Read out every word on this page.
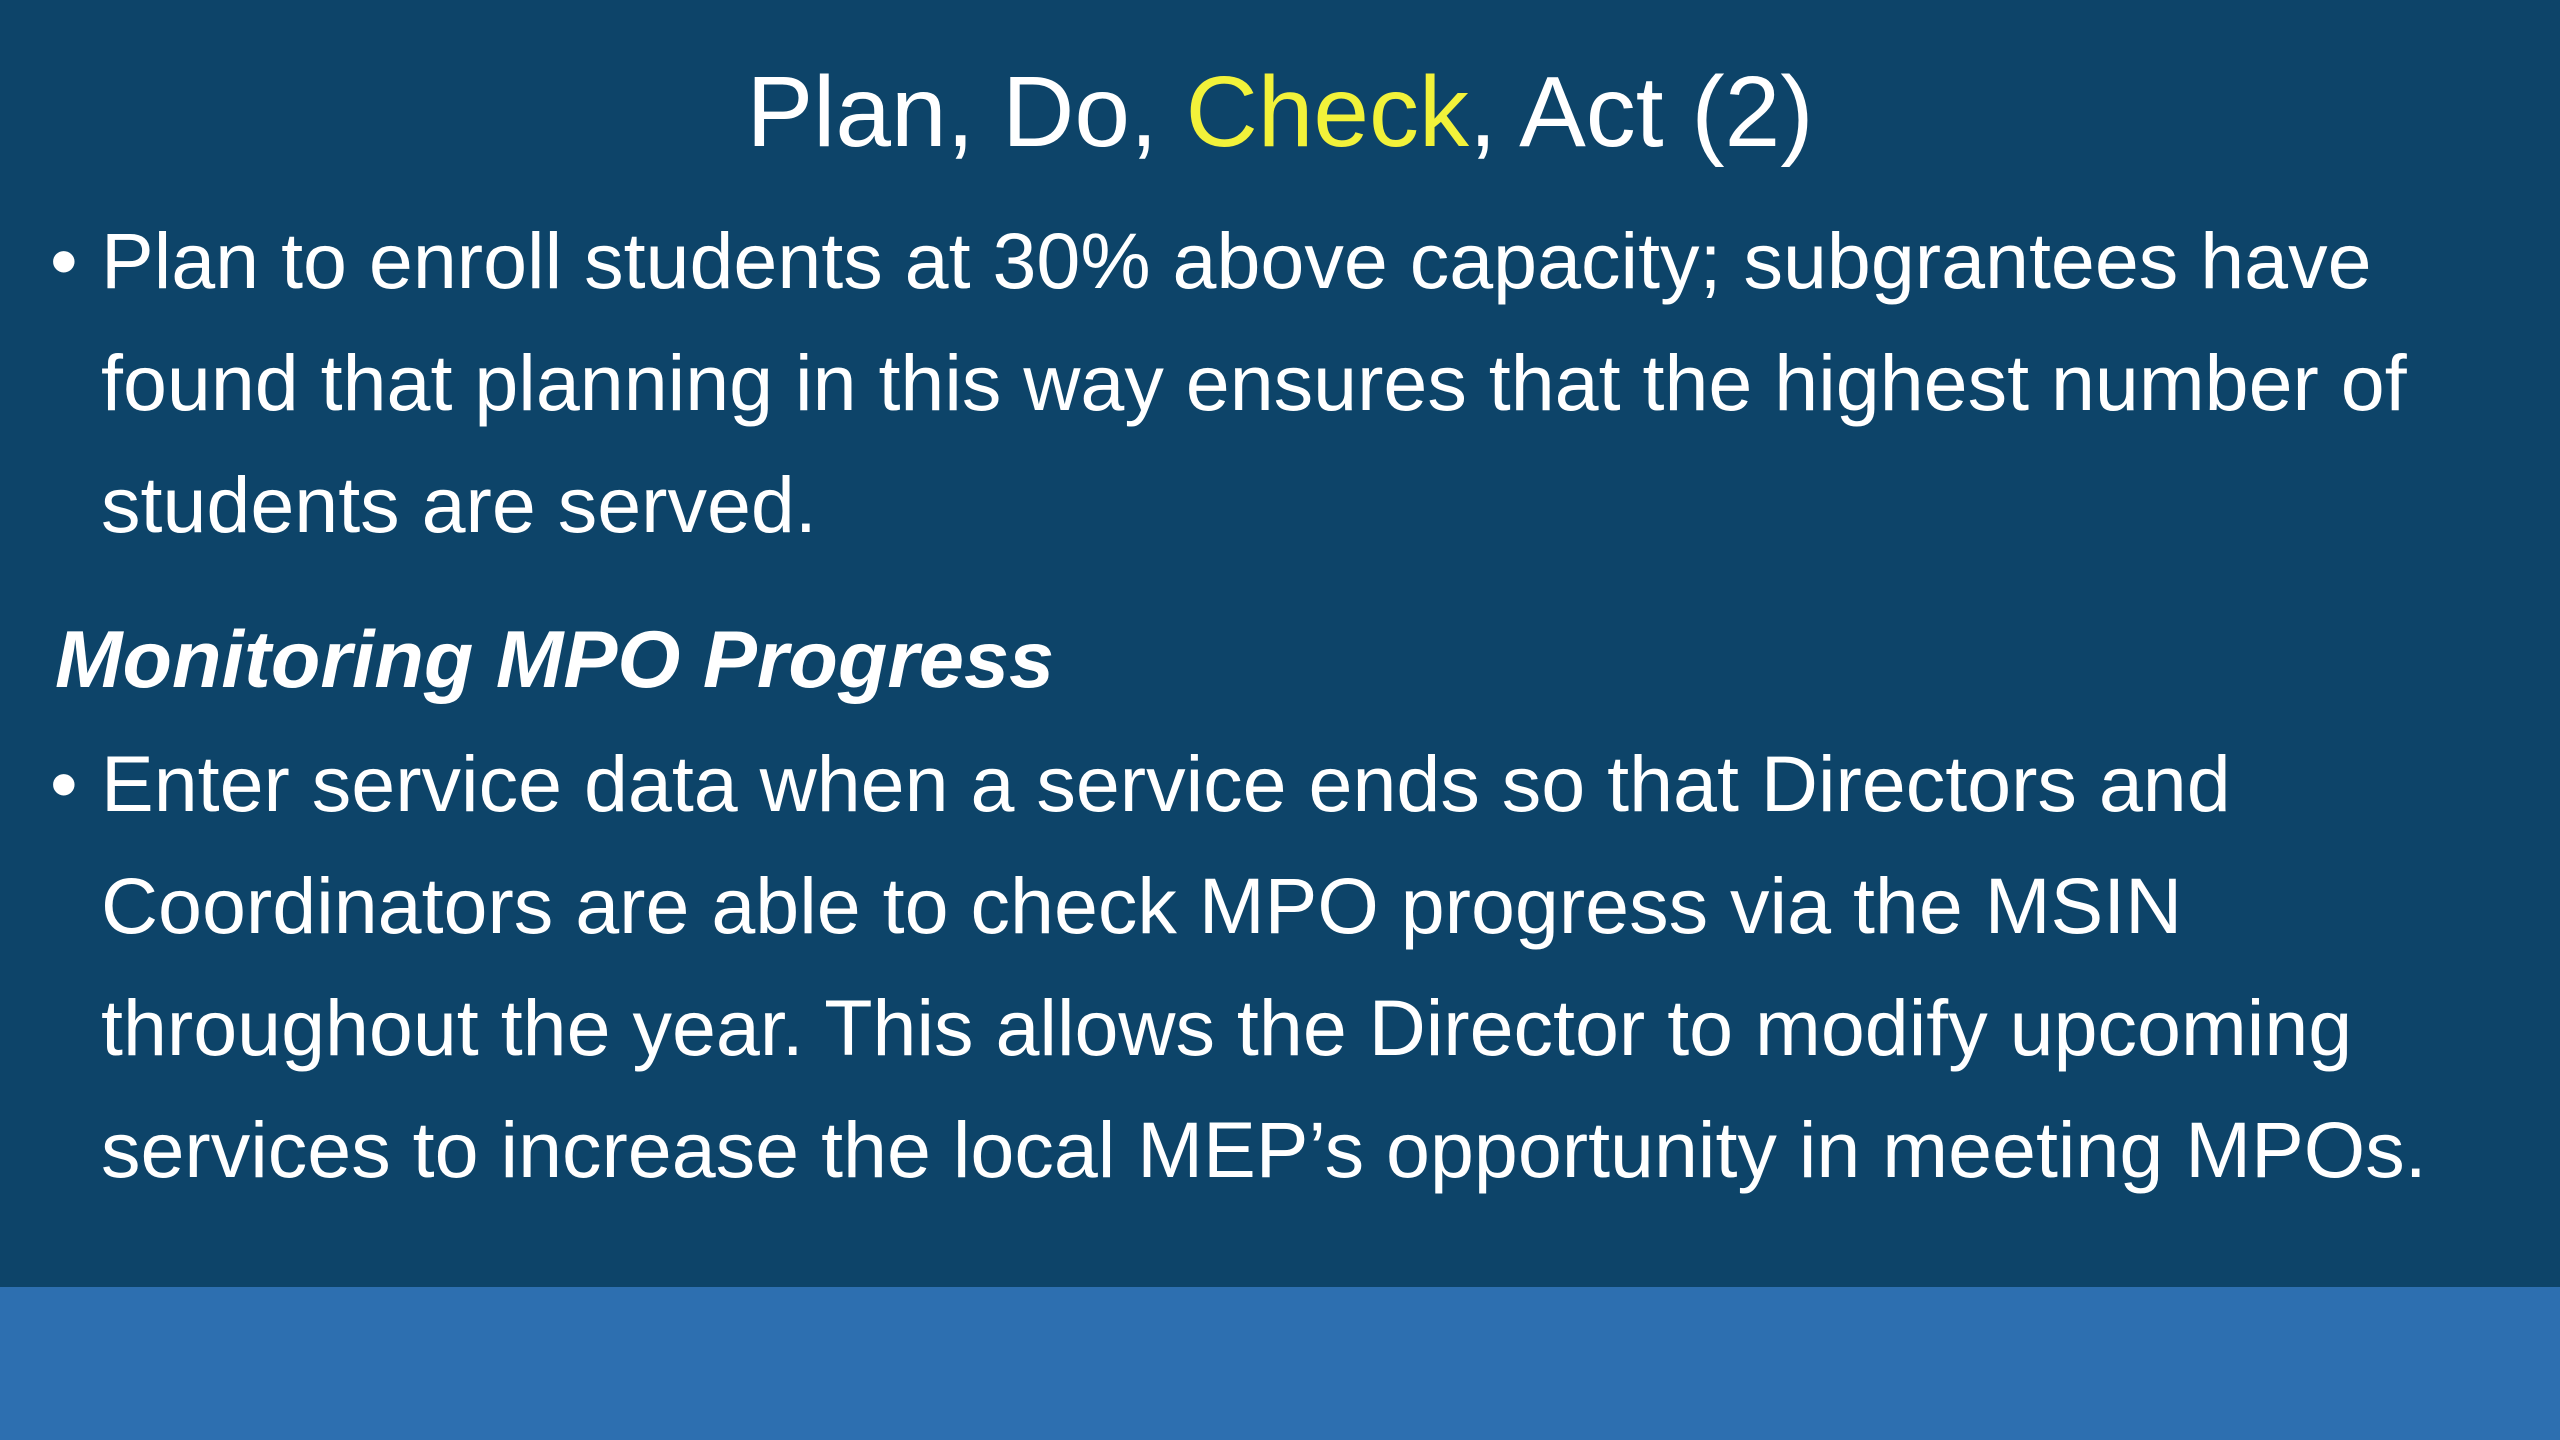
Plan, Do, Check, Act (2)
• Plan to enroll students at 30% above capacity; subgrantees have found that planning in this way ensures that the highest number of students are served.
Monitoring MPO Progress
• Enter service data when a service ends so that Directors and Coordinators are able to check MPO progress via the MSIN throughout the year. This allows the Director to modify upcoming services to increase the local MEP’s opportunity in meeting MPOs.
